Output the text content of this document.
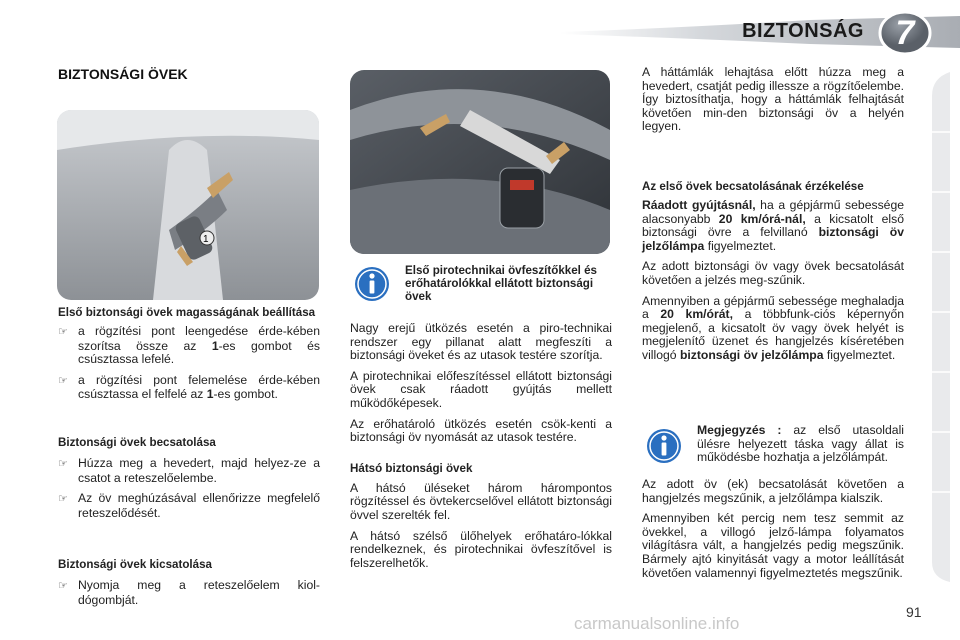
BIZTONSÁG 7
BIZTONSÁGI ÖVEK
1

Első biztonsági övek magasságának beállítása

☞ a rögzítési pont leengedése érde-kében szorítsa össze az 1-es gombot és csúsztassa lefelé.

☞ a rögzítési pont felemelése érde-kében csúsztassa el felfelé az 1-es gombot.

Biztonsági övek becsatolása

☞ Húzza meg a hevedert, majd helyez-ze a csatot a reteszelőelembe.

☞ Az öv meghúzásával ellenőrizze megfelelő reteszelődését.

Biztonsági övek kicsatolása

☞ Nyomja meg a reteszelőelem kiol-dógombját.

Első pirotechnikai övfeszítőkkel és erőhatárolókkal ellátott biztonsági övek

Nagy erejű ütközés esetén a piro-technikai rendszer egy pillanat alatt megfeszíti a biztonsági öveket és az utasok testére szorítja.

A pirotechnikai előfeszítéssel ellátott biztonsági övek csak ráadott gyújtás mellett működőképesek.

Az erőhatároló ütközés esetén csök-kenti a biztonsági öv nyomását az utasok testére.

Hátsó biztonsági övek

A hátsó üléseket három hárompontos rögzítéssel és övtekercselővel ellátott biztonsági övvel szerelték fel.

A hátsó szélső ülőhelyek erőhatáro-lókkal rendelkeznek, és pirotechnikai övfeszítővel is felszerelhetők.

A háttámlák lehajtása előtt húzza meg a hevedert, csatját pedig illessze a rögzítőelembe. Így biztosíthatja, hogy a háttámlák felhajtását követően min-den biztonsági öv a helyén legyen.

Az első övek becsatolásának érzékelése

Ráadott gyújtásnál, ha a gépjármű sebessége alacsonyabb 20 km/órá-nál, a kicsatolt első biztonsági övre a felvillanó biztonsági öv jelzőlámpa figyelmeztet.

Az adott biztonsági öv vagy övek becsatolását követően a jelzés meg-szűnik.

Amennyiben a gépjármű sebessége meghaladja a 20 km/órát, a többfunk-ciós képernyőn megjelenő, a kicsatolt öv vagy övek helyét is megjelenítő üzenet és hangjelzés kíséretében villogó biztonsági öv jelzőlámpa figyelmeztet.

Megjegyzés : az első utasoldali ülésre helyezett táska vagy állat is működésbe hozhatja a jelzőlámpát.

Az adott öv (ek) becsatolását követően a hangjelzés megszűnik, a jelzőlámpa kialszik.

Amennyiben két percig nem tesz semmit az övekkel, a villogó jelző-lámpa folyamatos világításra vált, a hangjelzés pedig megszűnik. Bármely ajtó kinyitását vagy a motor leállítását követően valamennyi figyelmeztetés megszűnik.

carmanualsonline.info
91
